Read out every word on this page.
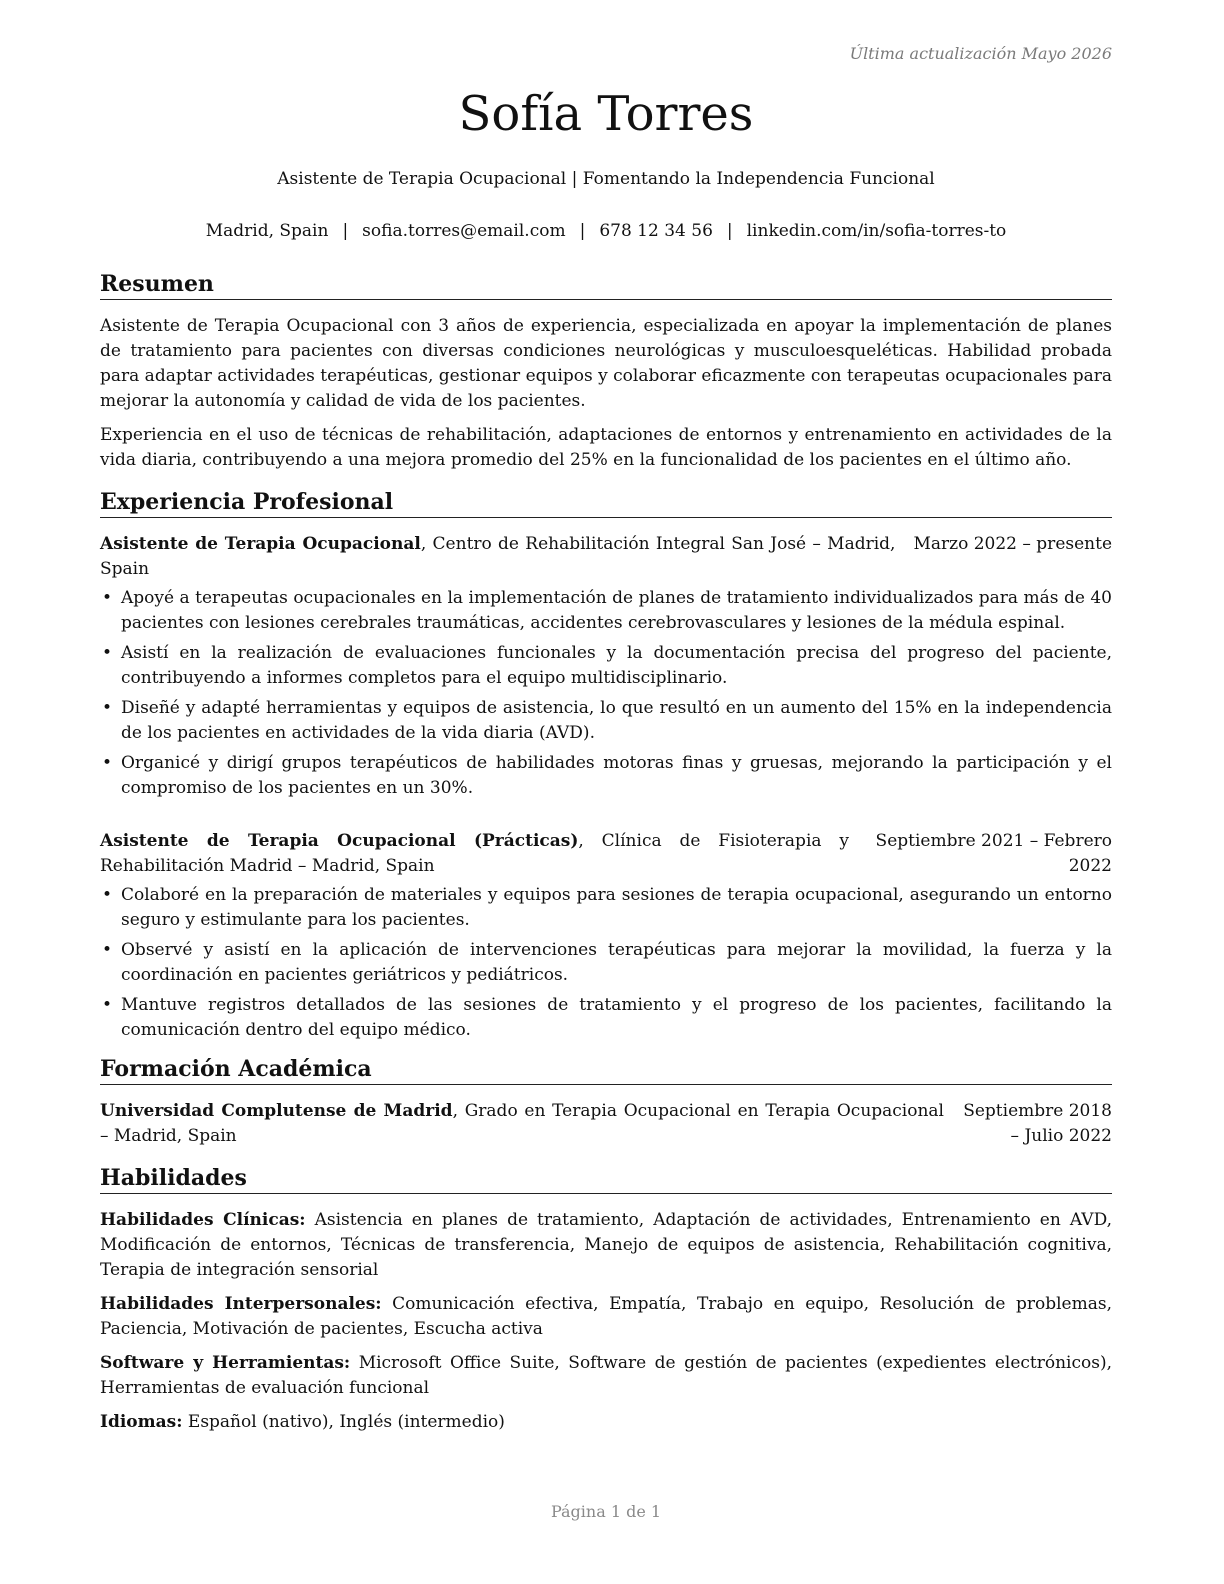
Última actualización Mayo 2026
Sofía Torres
Asistente de Terapia Ocupacional | Fomentando la Independencia Funcional
Madrid, Spain | sofia.torres@email.com | 678 12 34 56 | linkedin.com/in/sofia-torres-to
Resumen

Asistente de Terapia Ocupacional con 3 años de experiencia, especializada en apoyar la implementación de planes de tratamiento para pacientes con diversas condiciones neurológicas y musculoesqueléticas. Habilidad probada para adaptar actividades terapéuticas, gestionar equipos y colaborar eficazmente con terapeutas ocupacionales para mejorar la autonomía y calidad de vida de los pacientes.

Experiencia en el uso de técnicas de rehabilitación, adaptaciones de entornos y entrenamiento en actividades de la vida diaria, contribuyendo a una mejora promedio del 25% en la funcionalidad de los pacientes en el último año.

Experiencia Profesional
Asistente de Terapia Ocupacional, Centro de Rehabilitación Integral San José – Madrid, Spain
Marzo 2022 – presente
• Apoyé a terapeutas ocupacionales en la implementación de planes de tratamiento individualizados para más de 40 pacientes con lesiones cerebrales traumáticas, accidentes cerebrovasculares y lesiones de la médula espinal.
• Asistí en la realización de evaluaciones funcionales y la documentación precisa del progreso del paciente, contribuyendo a informes completos para el equipo multidisciplinario.
• Diseñé y adapté herramientas y equipos de asistencia, lo que resultó en un aumento del 15% en la independencia de los pacientes en actividades de la vida diaria (AVD).
• Organicé y dirigí grupos terapéuticos de habilidades motoras finas y gruesas, mejorando la participación y el compromiso de los pacientes en un 30%.
Asistente de Terapia Ocupacional (Prácticas), Clínica de Fisioterapia y Rehabilitación Madrid – Madrid, Spain
Septiembre 2021 – Febrero 2022
• Colaboré en la preparación de materiales y equipos para sesiones de terapia ocupacional, asegurando un entorno seguro y estimulante para los pacientes.
• Observé y asistí en la aplicación de intervenciones terapéuticas para mejorar la movilidad, la fuerza y la coordinación en pacientes geriátricos y pediátricos.
• Mantuve registros detallados de las sesiones de tratamiento y el progreso de los pacientes, facilitando la comunicación dentro del equipo médico.
Formación Académica
Universidad Complutense de Madrid, Grado en Terapia Ocupacional en Terapia Ocupacional – Madrid, Spain
Septiembre 2018 – Julio 2022
Habilidades

Habilidades Clínicas: Asistencia en planes de tratamiento, Adaptación de actividades, Entrenamiento en AVD, Modificación de entornos, Técnicas de transferencia, Manejo de equipos de asistencia, Rehabilitación cognitiva, Terapia de integración sensorial

Habilidades Interpersonales: Comunicación efectiva, Empatía, Trabajo en equipo, Resolución de problemas, Paciencia, Motivación de pacientes, Escucha activa

Software y Herramientas: Microsoft Office Suite, Software de gestión de pacientes (expedientes electrónicos), Herramientas de evaluación funcional

Idiomas: Español (nativo), Inglés (intermedio)

Página 1 de 1
